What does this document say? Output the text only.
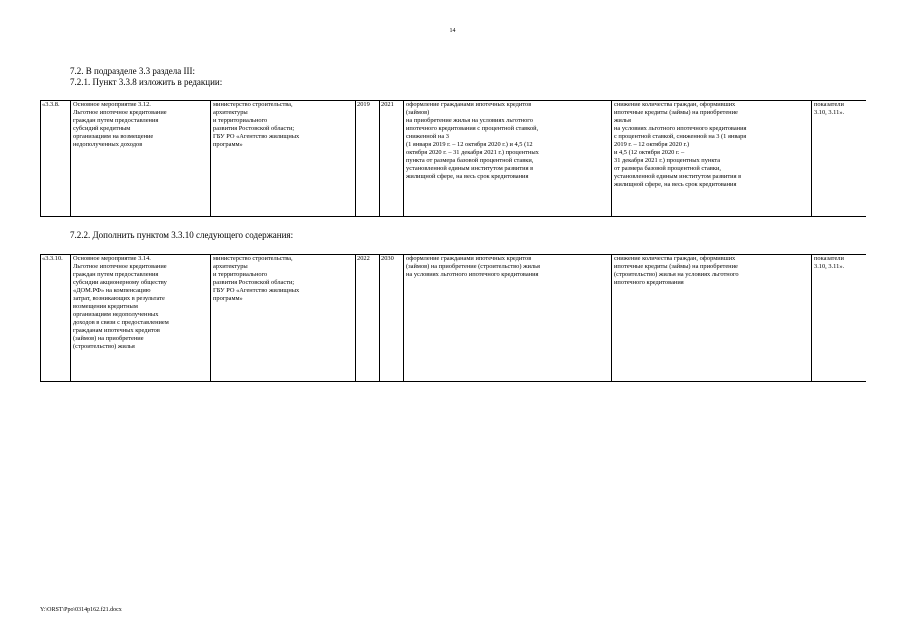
14
7.2. В подразделе 3.3 раздела III:
7.2.1. Пункт 3.3.8 изложить в редакции:
«3.3.8.	Основное мероприятие 3.12.
Льготное ипотечное кредитование
граждан путем предоставления
субсидий кредитным
организациям на возмещение
недополученных доходов

министерство строительства,
архитектуры
и территориального
развития Ростовской области;
ГБУ РО «Агентство жилищных
программ»
	2019	2021	оформление гражданами ипотечных кредитов
(займов)
на приобретение жилья на условиях льготного
ипотечного кредитования с процентной ставкой,
сниженной на 3
(1 января 2019 г. – 12 октября 2020 г.) и 4,5 (12
октября 2020 г. – 31 декабря 2021 г.) процентных
пункта от размера базовой процентной ставки,
установленной единым институтом развития в
жилищной сфере, на весь срок кредитования

снижение количества граждан, оформивших
ипотечные кредиты (займы) на приобретение
жилья
на условиях льготного ипотечного кредитования
с процентной ставкой, сниженной на 3 (1 января
2019 г. – 12 октября 2020 г.)
и 4,5 (12 октября 2020 г. –
31 декабря 2021 г.) процентных пункта
от размера базовой процентной ставки,
установленной единым институтом развития в
жилищной сфере, на весь срок кредитования

показатели
3.10, 3.11».
7.2.2. Дополнить пунктом 3.3.10 следующего содержания:
«3.3.10.	Основное мероприятие 3.14.
Льготное ипотечное кредитование
граждан путем предоставления
субсидии акционерному обществу
«ДОМ.РФ» на компенсацию
затрат, возникающих в результате
возмещения кредитным
организациям недополученных
доходов в связи с предоставлением
гражданам ипотечных кредитов
(займов) на приобретение
(строительство) жилья

министерство строительства,
архитектуры
и территориального
развития Ростовской области;
ГБУ РО «Агентство жилищных
программ»
	2022	2030	оформление гражданами ипотечных кредитов
(займов) на приобретение (строительство) жилья
на условиях льготного ипотечного кредитования

снижение количества граждан, оформивших
ипотечные кредиты (займы) на приобретение
(строительство) жилья на условиях льготного
ипотечного кредитования

показатели
3.10, 3.11».
Y:\ORST\Ppo\0314p162.f21.docx
